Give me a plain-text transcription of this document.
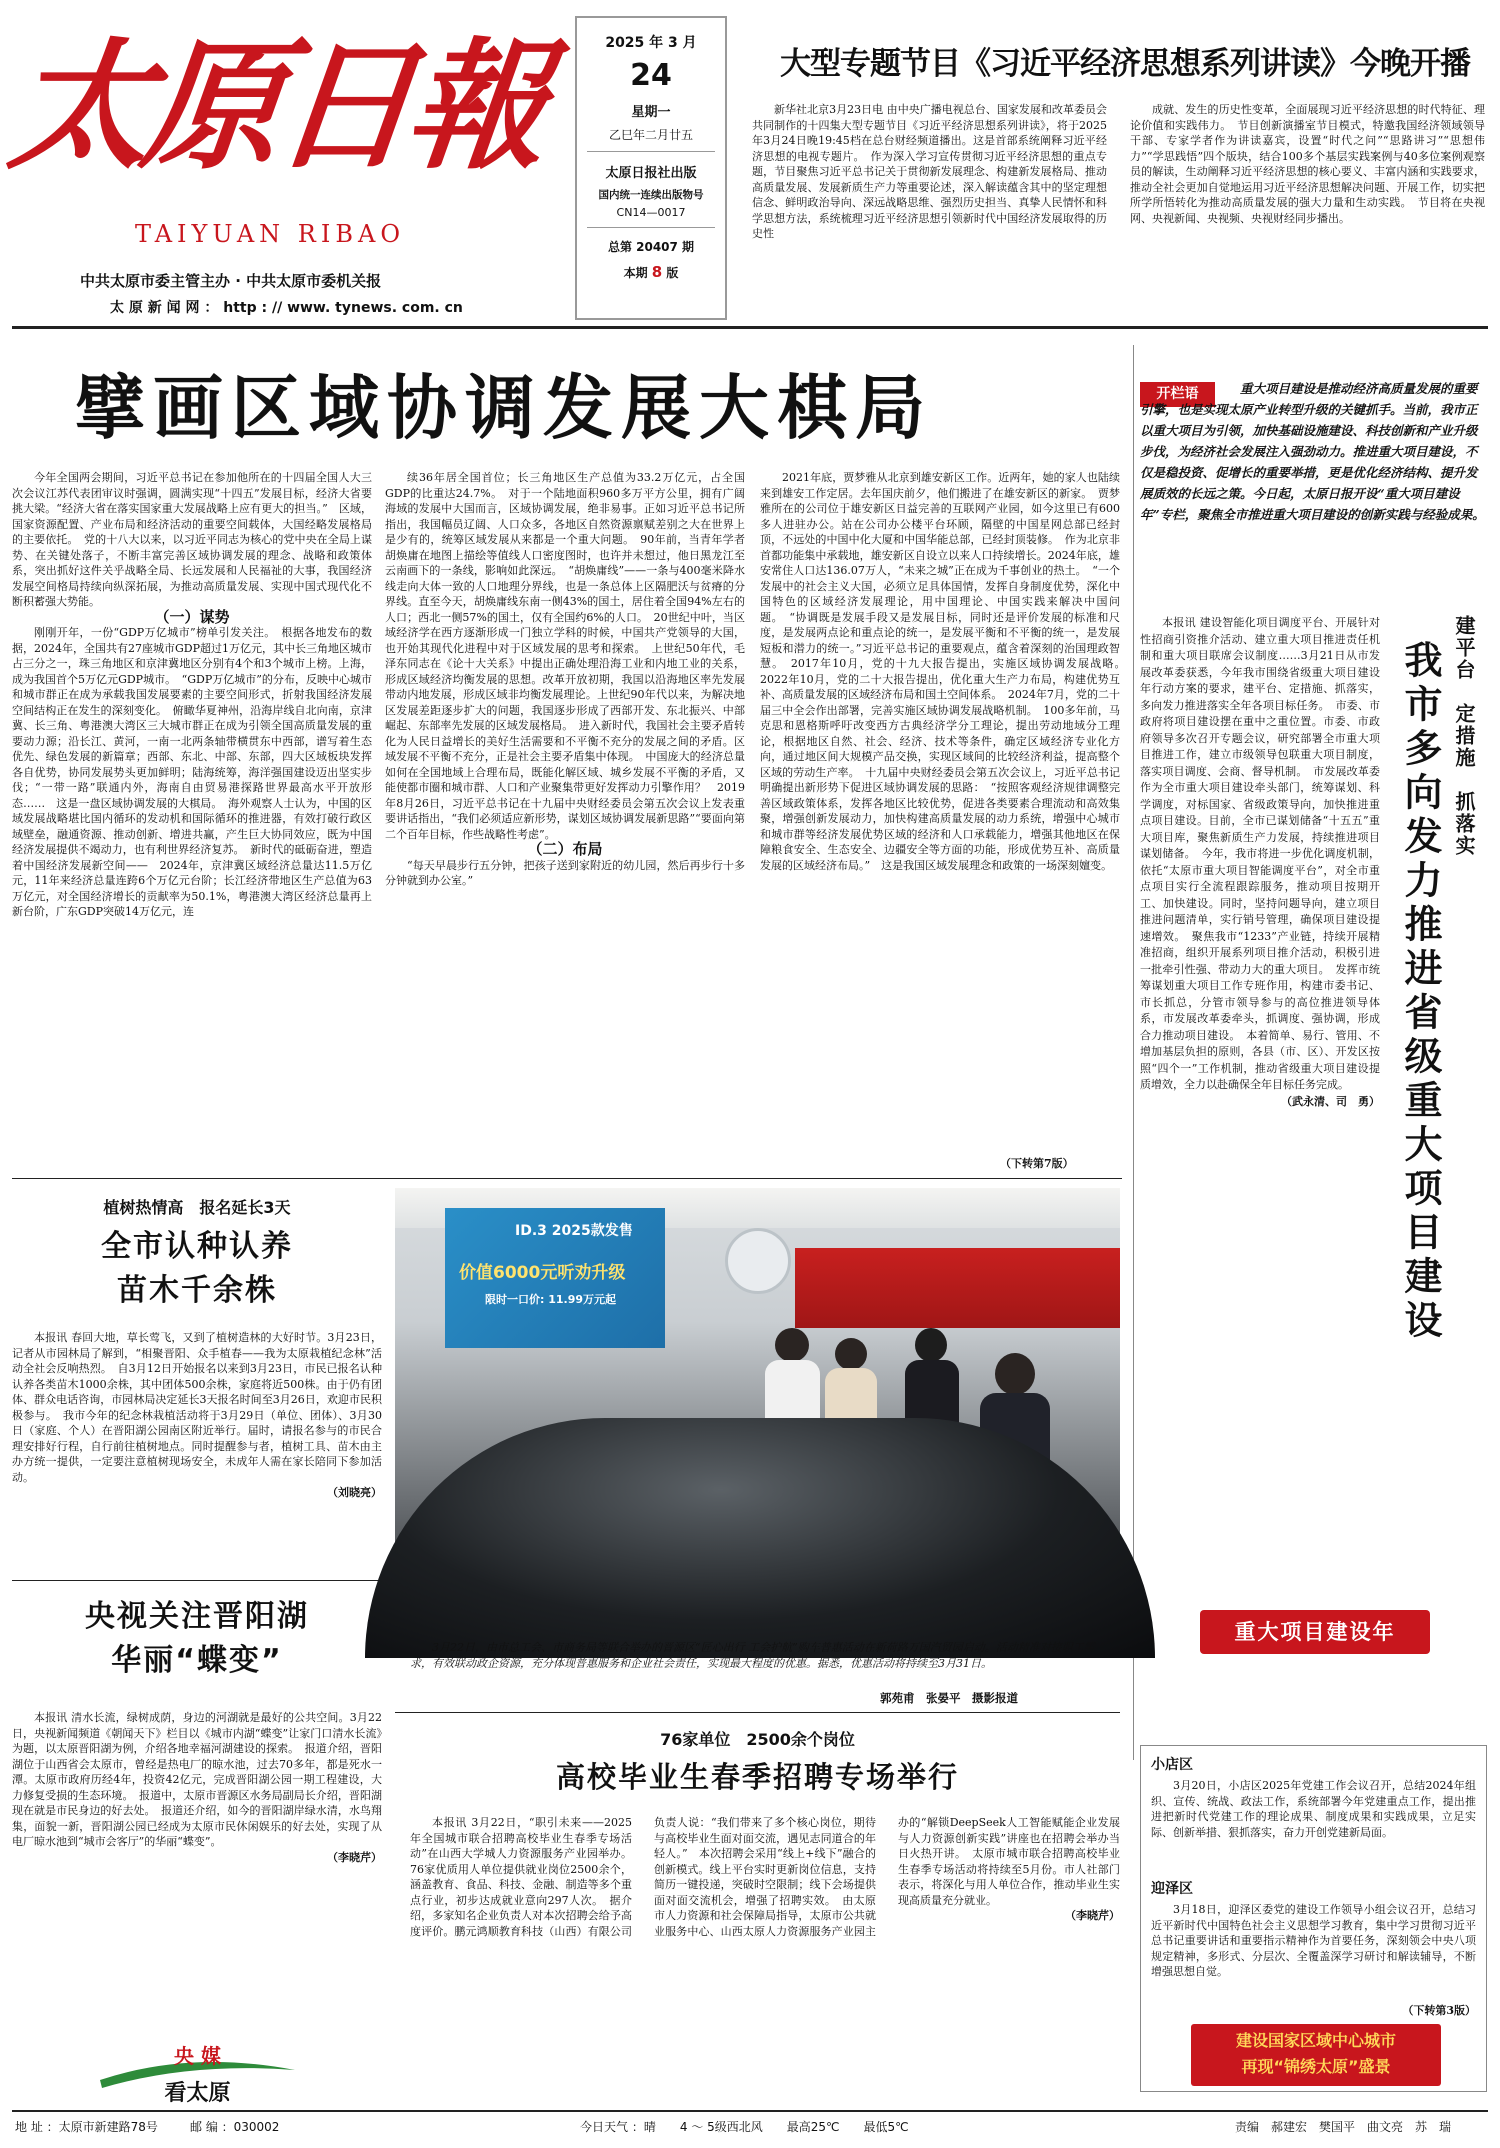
太原日報
TAIYUAN RIBAO
中共太原市委主管主办 · 中共太原市委机关报
太 原 新 闻 网 ： http : // www. tynews. com. cn
2025 年 3 月
24
星期一
乙巳年二月廿五
太原日报社出版
国内统一连续出版物号
CN14—0017
总第 20407 期
本期 8 版
大型专题节目《习近平经济思想系列讲读》今晚开播

新华社北京3月23日电 由中央广播电视总台、国家发展和改革委员会共同制作的十四集大型专题节目《习近平经济思想系列讲读》，将于2025年3月24日晚19:45档在总台财经频道播出。这是首部系统阐释习近平经济思想的电视专题片。　作为深入学习宣传贯彻习近平经济思想的重点专题，节目聚焦习近平总书记关于贯彻新发展理念、构建新发展格局、推动高质量发展、发展新质生产力等重要论述，深入解读蕴含其中的坚定理想信念、鲜明政治导向、深远战略思维、强烈历史担当、真挚人民情怀和科学思想方法，系统梳理习近平经济思想引领新时代中国经济发展取得的历史性

成就、发生的历史性变革，全面展现习近平经济思想的时代特征、理论价值和实践伟力。　节目创新演播室节目模式，特邀我国经济领域领导干部、专家学者作为讲读嘉宾，设置“时代之问”“思路讲习”“思想伟力”“学思践悟”四个版块，结合100多个基层实践案例与40多位案例观察员的解读，生动阐释习近平经济思想的核心要义、丰富内涵和实践要求，推动全社会更加自觉地运用习近平经济思想解决问题、开展工作，切实把所学所悟转化为推动高质量发展的强大力量和生动实践。　节目将在央视网、央视新闻、央视频、央视财经同步播出。

擘画区域协调发展大棋局

今年全国两会期间，习近平总书记在参加他所在的十四届全国人大三次会议江苏代表团审议时强调，圆满实现“十四五”发展目标，经济大省要挑大梁。“经济大省在落实国家重大发展战略上应有更大的担当。”　区域，国家资源配置、产业布局和经济活动的重要空间载体，大国经略发展格局的主要依托。　党的十八大以来，以习近平同志为核心的党中央在全局上谋势、在关键处落子，不断丰富完善区域协调发展的理念、战略和政策体系，突出抓好这件关乎战略全局、长远发展和人民福祉的大事，我国经济发展空间格局持续向纵深拓展，为推动高质量发展、实现中国式现代化不断积蓄强大势能。

（一）谋势

刚刚开年，一份“GDP万亿城市”榜单引发关注。　根据各地发布的数据，2024年，全国共有27座城市GDP超过1万亿元，其中长三角地区城市占三分之一，珠三角地区和京津冀地区分别有4个和3个城市上榜。上海，成为我国首个5万亿元GDP城市。　“GDP万亿城市”的分布，反映中心城市和城市群正在成为承载我国发展要素的主要空间形式，折射我国经济发展空间结构正在发生的深刻变化。　俯瞰华夏神州，沿海岸线自北向南，京津冀、长三角、粤港澳大湾区三大城市群正在成为引领全国高质量发展的重要动力源；沿长江、黄河，一南一北两条轴带横贯东中西部，谱写着生态优先、绿色发展的新篇章；西部、东北、中部、东部，四大区域板块发挥各自优势，协同发展势头更加鲜明；陆海统筹，海洋强国建设迈出坚实步伐；“一带一路”联通内外，海南自由贸易港探路世界最高水平开放形态……　这是一盘区域协调发展的大棋局。　海外观察人士认为，中国的区域发展战略堪比国内循环的发动机和国际循环的推进器，有效打破行政区域壁垒，融通资源、推动创新、增进共赢，产生巨大协同效应，既为中国经济发展提供不竭动力，也有利世界经济复苏。　新时代的砥砺奋进，塑造着中国经济发展新空间——　2024年，京津冀区域经济总量达11.5万亿元，11年来经济总量连跨6个万亿元台阶；长江经济带地区生产总值为63万亿元，对全国经济增长的贡献率为50.1%，粤港澳大湾区经济总量再上新台阶，广东GDP突破14万亿元，连

续36年居全国首位；长三角地区生产总值为33.2万亿元，占全国GDP的比重达24.7%。　对于一个陆地面积960多万平方公里，拥有广阔海域的发展中大国而言，区域协调发展，绝非易事。正如习近平总书记所指出，我国幅员辽阔、人口众多，各地区自然资源禀赋差别之大在世界上是少有的，统筹区域发展从来都是一个重大问题。　90年前，当青年学者胡焕庸在地图上描绘等值线人口密度图时，也许并未想过，他日黑龙江至云南画下的一条线，影响如此深远。　“胡焕庸线”——一条与400毫米降水线走向大体一致的人口地理分界线，也是一条总体上区隔肥沃与贫瘠的分界线。直至今天，胡焕庸线东南一侧43%的国土，居住着全国94%左右的人口；西北一侧57%的国土，仅有全国约6%的人口。　20世纪中叶，当区域经济学在西方逐渐形成一门独立学科的时候，中国共产党领导的大国，也开始其现代化进程中对于区域发展的思考和探索。　上世纪50年代，毛泽东同志在《论十大关系》中提出正确处理沿海工业和内地工业的关系，形成区域经济均衡发展的思想。改革开放初期，我国以沿海地区率先发展带动内地发展，形成区域非均衡发展理论。上世纪90年代以来，为解决地区发展差距逐步扩大的问题，我国逐步形成了西部开发、东北振兴、中部崛起、东部率先发展的区域发展格局。　进入新时代，我国社会主要矛盾转化为人民日益增长的美好生活需要和不平衡不充分的发展之间的矛盾。区域发展不平衡不充分，正是社会主要矛盾集中体现。　中国庞大的经济总量如何在全国地域上合理布局，既能化解区域、城乡发展不平衡的矛盾，又能使都市圈和城市群、人口和产业聚集带更好发挥动力引擎作用？　2019年8月26日，习近平总书记在十九届中央财经委员会第五次会议上发表重要讲话指出，“我们必须适应新形势，谋划区域协调发展新思路”“要面向第二个百年目标，作些战略性考虑”。

（二）布局

“每天早晨步行五分钟，把孩子送到家附近的幼儿园，然后再步行十多分钟就到办公室。”

2021年底，贾梦雅从北京到雄安新区工作。近两年，她的家人也陆续来到雄安工作定居。去年国庆前夕，他们搬进了在雄安新区的新家。　贾梦雅所在的公司位于雄安新区日益完善的互联网产业园，如今这里已有600多人进驻办公。站在公司办公楼平台环顾，隔壁的中国星网总部已经封顶，不远处的中国中化大厦和中国华能总部，已经封顶装修。　作为北京非首都功能集中承载地，雄安新区自设立以来人口持续增长。2024年底，雄安常住人口达136.07万人，“未来之城”正在成为千事创业的热土。　“一个发展中的社会主义大国，必须立足具体国情，发挥自身制度优势，深化中国特色的区域经济发展理论，用中国理论、中国实践来解决中国问题。　“协调既是发展手段又是发展目标，同时还是评价发展的标准和尺度，是发展两点论和重点论的统一，是发展平衡和不平衡的统一，是发展短板和潜力的统一。”习近平总书记的重要观点，蕴含着深刻的治国理政智慧。　2017年10月，党的十九大报告提出，实施区域协调发展战略。　2022年10月，党的二十大报告提出，优化重大生产力布局，构建优势互补、高质量发展的区域经济布局和国土空间体系。　2024年7月，党的二十届三中全会作出部署，完善实施区域协调发展战略机制。　100多年前，马克思和恩格斯呼吁改变西方古典经济学分工理论，提出劳动地域分工理论，根据地区自然、社会、经济、技术等条件，确定区域经济专业化方向，通过地区间大规模产品交换，实现区域间的比较经济利益，提高整个区域的劳动生产率。　十九届中央财经委员会第五次会议上，习近平总书记明确提出新形势下促进区域协调发展的思路：　“按照客观经济规律调整完善区域政策体系，发挥各地区比较优势，促进各类要素合理流动和高效集聚，增强创新发展动力，加快构建高质量发展的动力系统，增强中心城市和城市群等经济发展优势区域的经济和人口承载能力，增强其他地区在保障粮食安全、生态安全、边疆安全等方面的功能，形成优势互补、高质量发展的区域经济布局。”　这是我国区域发展理念和政策的一场深刻嬗变。

（下转第7版）
开栏语	重大项目建设是推动经济高质量发展的重要引擎，也是实现太原产业转型升级的关键抓手。当前，我市正以重大项目为引领，加快基础设施建设、科技创新和产业升级步伐，为经济社会发展注入强劲动力。推进重大项目建设，不仅是稳投资、促增长的重要举措，更是优化经济结构、提升发展质效的长远之策。今日起，太原日报开设“重大项目建设年”专栏，聚焦全市推进重大项目建设的创新实践与经验成果。

本报讯 建设智能化项目调度平台、开展针对性招商引资推介活动、建立重大项目推进责任机制和重大项目联席会议制度……3月21日从市发展改革委获悉，今年我市围绕省级重大项目建设年行动方案的要求，建平台、定措施、抓落实，多向发力推进落实全年各项目标任务。　市委、市政府将项目建设摆在重中之重位置。市委、市政府领导多次召开专题会议，研究部署全市重大项目推进工作，建立市级领导包联重大项目制度，落实项目调度、会商、督导机制。　市发展改革委作为全市重大项目建设牵头部门，统筹谋划、科学调度，对标国家、省级政策导向，加快推进重点项目建设。目前，全市已谋划储备“十五五”重大项目库，聚焦新质生产力发展，持续推进项目谋划储备。　今年，我市将进一步优化调度机制，依托“太原市重大项目智能调度平台”，对全市重点项目实行全流程跟踪服务，推动项目按期开工、加快建设。同时，坚持问题导向，建立项目推进问题清单，实行销号管理，确保项目建设提速增效。　聚焦我市“1233”产业链，持续开展精准招商，组织开展系列项目推介活动，积极引进一批牵引性强、带动力大的重大项目。　发挥市统筹谋划重大项目工作专班作用，构建市委书记、市长抓总，分管市领导参与的高位推进领导体系，市发展改革委牵头，抓调度、强协调，形成合力推动项目建设。　本着简单、易行、管用、不增加基层负担的原则，各县（市、区）、开发区按照“四个一”工作机制，推动省级重大项目建设提质增效，全力以赴确保全年目标任务完成。

（武永清、司　勇）
建平台　定措施　抓落实
我市多向发力推进省级重大项目建设
重大项目建设年
植树热情高　报名延长3天
全市认种认养
苗木千余株

本报讯 春回大地，草长莺飞，又到了植树造林的大好时节。3月23日，记者从市园林局了解到，“相聚晋阳、众手植春——我为太原栽植纪念林”活动全社会反响热烈。　自3月12日开始报名以来到3月23日，市民已报名认种认养各类苗木1000余株，其中团体500余株，家庭将近500株。由于仍有团体、群众电话咨询，市园林局决定延长3天报名时间至3月26日，欢迎市民积极参与。　我市今年的纪念林栽植活动将于3月29日（单位、团体）、3月30日（家庭、个人）在晋阳湖公园南区附近举行。届时，请报名参与的市民合理安排好行程，自行前往植树地点。同时提醒参与者，植树工具、苗木由主办方统一提供，一定要注意植树现场安全，未成年人需在家长陪同下参加活动。

（刘晓亮）
央视关注晋阳湖
华丽“蝶变”

本报讯 清水长流，绿树成荫，身边的河湖就是最好的公共空间。3月22日，央视新闻频道《朝闻天下》栏目以《城市内湖“蝶变”让家门口清水长流》为题，以太原晋阳湖为例，介绍各地幸福河湖建设的探索。　报道介绍，晋阳湖位于山西省会太原市，曾经是热电厂的晾水池，过去70多年，都是死水一潭。太原市政府历经4年，投资42亿元，完成晋阳湖公园一期工程建设，大力修复受损的生态环境。　报道中，太原市晋源区水务局副局长介绍，晋阳湖现在就是市民身边的好去处。　报道还介绍，如今的晋阳湖岸绿水清，水鸟翔集，面貌一新，晋阳湖公园已经成为太原市民休闲娱乐的好去处，实现了从电厂晾水池到“城市会客厅”的华丽“蝶变”。

（李晓芹）
央 媒
看太原
ID.3 2025款发售
价值6000元听劝升级
限时一口价: 11.99万元起
3月22日，由市总工会、市商务局等联合举办的晋源区“匠心出行 工会护航”购车普惠活动在新荷路万国汽贸园启动。活动精准对接职工需求，有效联动政企资源，充分体现普惠服务和企业社会责任，实现最大程度的优惠。据悉，优惠活动将持续至3月31日。
郭苑甫　张晏平　摄影报道
76家单位　2500余个岗位
高校毕业生春季招聘专场举行

本报讯 3月22日，“职引未来——2025年全国城市联合招聘高校毕业生春季专场活动”在山西大学城人力资源服务产业园举办。76家优质用人单位提供就业岗位2500余个，涵盖教育、食品、科技、金融、制造等多个重点行业，初步达成就业意向297人次。　据介绍，多家知名企业负责人对本次招聘会给予高度评价。鹏元鸿顺教育科技（山西）有限公司负责人说：“我们带来了多个核心岗位，期待与高校毕业生面对面交流，遇见志同道合的年轻人。”　本次招聘会采用“线上+线下”融合的创新模式。线上平台实时更新岗位信息，支持简历一键投递，突破时空限制；线下会场提供面对面交流机会，增强了招聘实效。　由太原市人力资源和社会保障局指导，太原市公共就业服务中心、山西太原人力资源服务产业园主办的“解锁DeepSeek人工智能赋能企业发展与人力资源创新实践”讲座也在招聘会举办当日火热开讲。　太原市城市联合招聘高校毕业生春季专场活动将持续至5月份。市人社部门表示，将深化与用人单位合作，推动毕业生实现高质量充分就业。

（李晓芹）
小店区

3月20日，小店区2025年党建工作会议召开，总结2024年组织、宣传、统战、政法工作，系统部署今年党建重点工作，提出推进把新时代党建工作的理论成果、制度成果和实践成果，立足实际、创新举措、狠抓落实，奋力开创党建新局面。

迎泽区

3月18日，迎泽区委党的建设工作领导小组会议召开，总结习近平新时代中国特色社会主义思想学习教育，集中学习贯彻习近平总书记重要讲话和重要指示精神作为首要任务，深刻领会中央八项规定精神，多形式、分层次、全覆盖深学习研讨和解读辅导，不断增强思想自觉。

（下转第3版）
建设国家区域中心城市
再现“锦绣太原”盛景
地 址 ：太原市新建路78号	邮 编 ：030002	今日天气 ：晴　　4 ～ 5级西北风　　最高25℃　　最低5℃	责编　郝建宏　樊国平　曲文亮　苏　瑞
